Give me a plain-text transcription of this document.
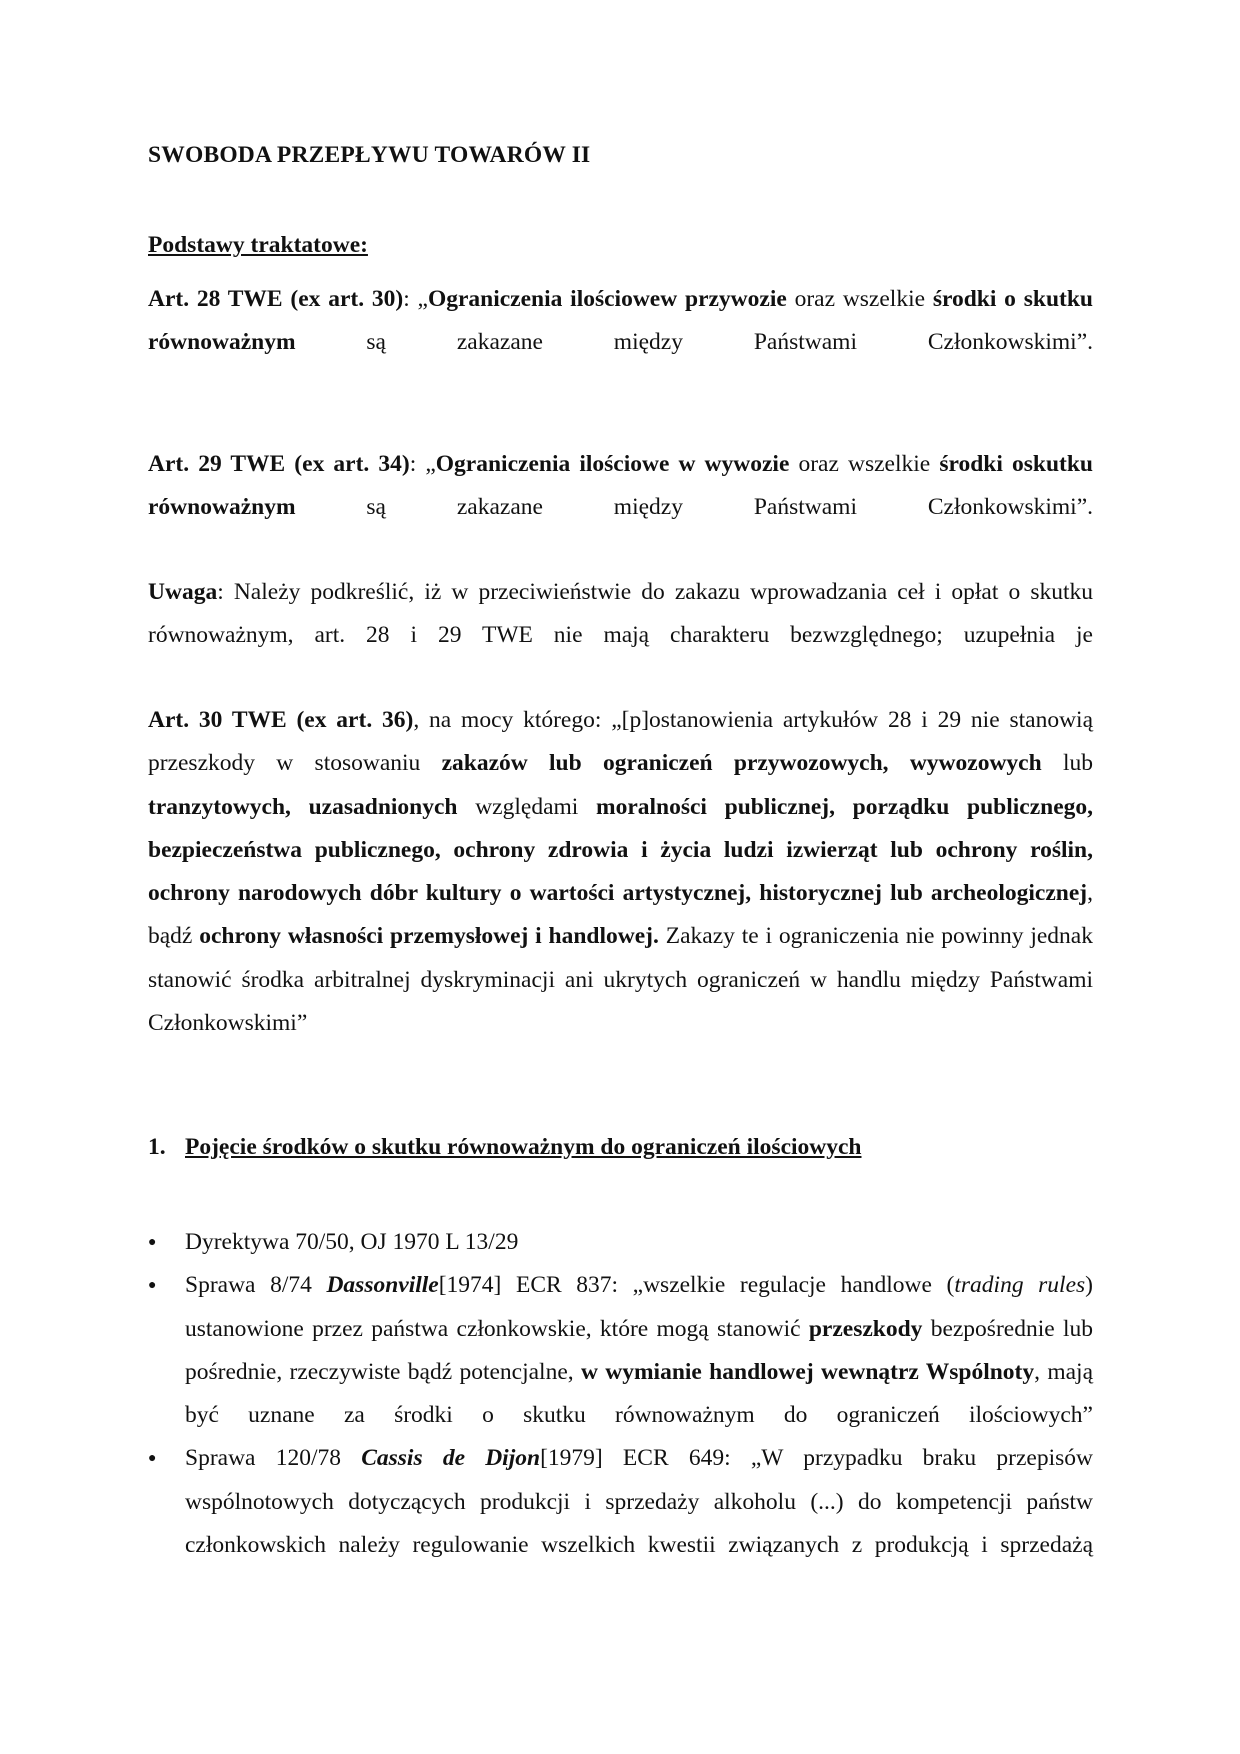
SWOBODA PRZEPŁYWU TOWARÓW II
Podstawy traktatowe:
Art. 28 TWE (ex art. 30): „Ograniczenia ilościowew przywozie oraz wszelkie środki o skutku równoważnym są zakazane między Państwami Członkowskimi”.
Art. 29 TWE (ex art. 34): „Ograniczenia ilościowe w wywozie oraz wszelkie środki oskutku równoważnym są zakazane między Państwami Członkowskimi”.
Uwaga: Należy podkreślić, iż w przeciwieństwie do zakazu wprowadzania ceł i opłat o skutku równoważnym, art. 28 i 29 TWE nie mają charakteru bezwzględnego; uzupełnia je
Art. 30 TWE (ex art. 36), na mocy którego: „[p]ostanowienia artykułów 28 i 29 nie stanowią przeszkody w stosowaniu zakazów lub ograniczeń przywozowych, wywozowych lub tranzytowych, uzasadnionych względami moralności publicznej, porządku publicznego, bezpieczeństwa publicznego, ochrony zdrowia i życia ludzi izwierząt lub ochrony roślin, ochrony narodowych dóbr kultury o wartości artystycznej, historycznej lub archeologicznej, bądź ochrony własności przemysłowej i handlowej. Zakazy te i ograniczenia nie powinny jednak stanowić środka arbitralnej dyskryminacji ani ukrytych ograniczeń w handlu między Państwami Członkowskimi”
1. Pojęcie środków o skutku równoważnym do ograniczeń ilościowych
●	Dyrektywa 70/50, OJ 1970 L 13/29
●	Sprawa 8/74 Dassonville[1974] ECR 837: „wszelkie regulacje handlowe (trading rules) ustanowione przez państwa członkowskie, które mogą stanowić przeszkody bezpośrednie lub pośrednie, rzeczywiste bądź potencjalne, w wymianie handlowej wewnątrz Wspólnoty, mają być uznane za środki o skutku równoważnym do ograniczeń ilościowych”
●	Sprawa 120/78 Cassis de Dijon[1979] ECR 649: „W przypadku braku przepisów wspólnotowych dotyczących produkcji i sprzedaży alkoholu (...) do kompetencji państw członkowskich należy regulowanie wszelkich kwestii związanych z produkcją i sprzedażą
